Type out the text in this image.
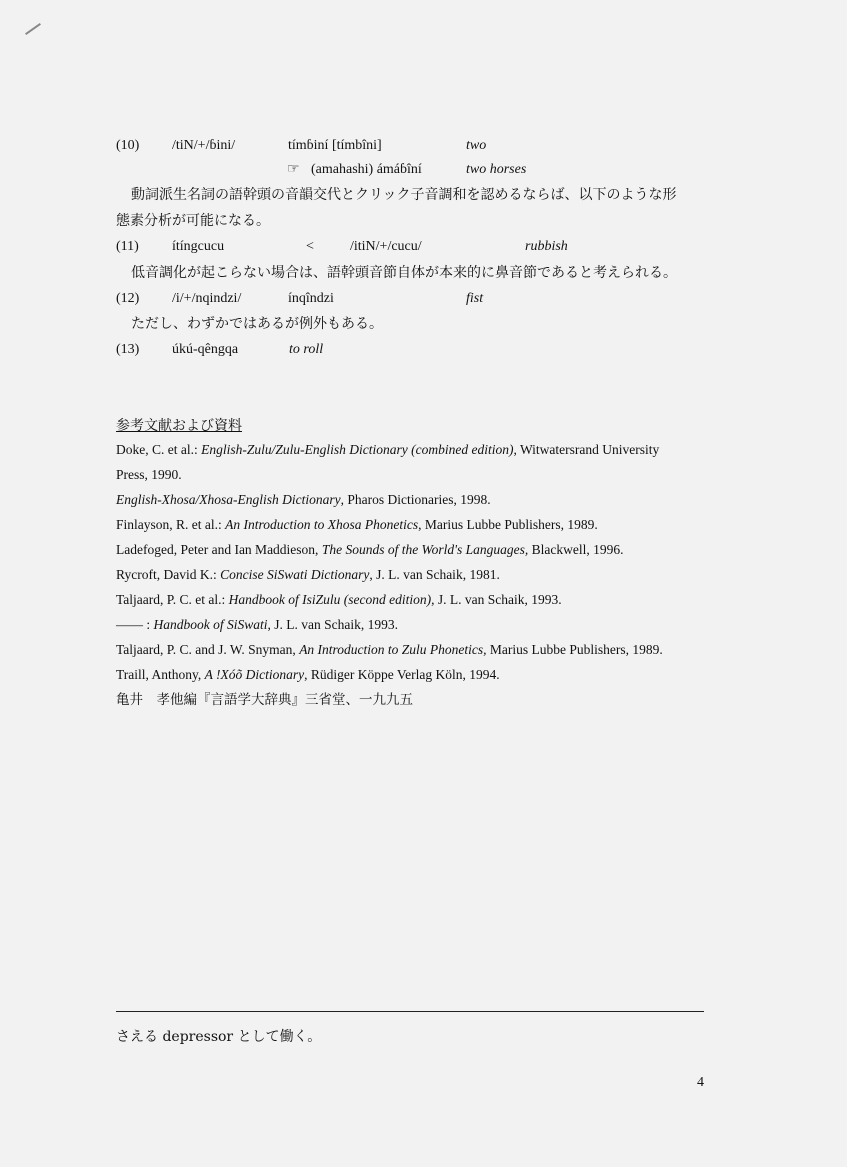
(10) /tiN/+/ɓini/	tímɓiní [tímbîni]	two
☞ (amahashi) ámáɓîní	two horses
動詞派生名詞の語幹頭の音韻交代とクリック子音調和を認めるならば、以下のような形
態素分析が可能になる。
(11) ítíngcucu	<	/itiN/+/cucu/	rubbish
低音調化が起こらない場合は、語幹頭音節自体が本来的に鼻音節であると考えられる。
(12) /i/+/nqindzi/	ínqîndzi	fist
ただし、わずかではあるが例外もある。
(13) úkú-qêngqa	to roll
参考文献および資料
Doke, C. et al.: English-Zulu/Zulu-English Dictionary (combined edition), Witwatersrand University
Press, 1990.
English-Xhosa/Xhosa-English Dictionary, Pharos Dictionaries, 1998.
Finlayson, R. et al.: An Introduction to Xhosa Phonetics, Marius Lubbe Publishers, 1989.
Ladefoged, Peter and Ian Maddieson, The Sounds of the World's Languages, Blackwell, 1996.
Rycroft, David K.: Concise SiSwati Dictionary, J. L. van Schaik, 1981.
Taljaard, P. C. et al.: Handbook of IsiZulu (second edition), J. L. van Schaik, 1993.
—— : Handbook of SiSwati, J. L. van Schaik, 1993.
Taljaard, P. C. and J. W. Snyman, An Introduction to Zulu Phonetics, Marius Lubbe Publishers, 1989.
Traill, Anthony, A !Xóõ Dictionary, Rüdiger Köppe Verlag Köln, 1994.
亀井　孝他編『言語学大辞典』三省堂、一九九五
さえる depressor として働く。
4
